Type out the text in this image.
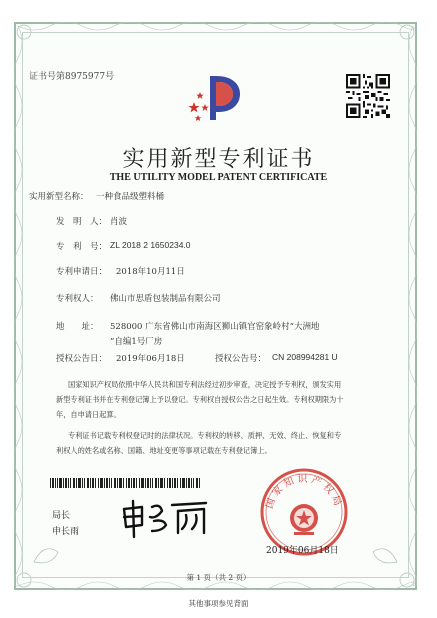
证书号第8975977号
实用新型专利证书
THE UTILITY MODEL PATENT CERTIFICATE
实用新型名称： 一种食品级塑料桶
发　明　人： 肖波
专　利　号： ZL 2018 2 1650234.0
专利申请日： 2018年10月11日
专利权人： 佛山市思盾包装制品有限公司
地　　址： 528000 广东省佛山市南海区狮山镇官窑象岭村“大洲地
”自编1号厂房
授权公告日： 2019年06月18日	授权公告号： CN 208994281 U
国家知识产权局依照中华人民共和国专利法经过初步审查，决定授予专利权，颁发实用
新型专利证书并在专利登记簿上予以登记。专利权自授权公告之日起生效。专利权期限为十
年，自申请日起算。
专利证书记载专利权登记时的法律状况。专利权的转移、质押、无效、终止、恢复和专
利权人的姓名或名称、国籍、地址变更等事项记载在专利登记簿上。
局长
申长雨
国家知识产权局
2019年06月18日
第 1 页（共 2 页）
其他事项参见背面
